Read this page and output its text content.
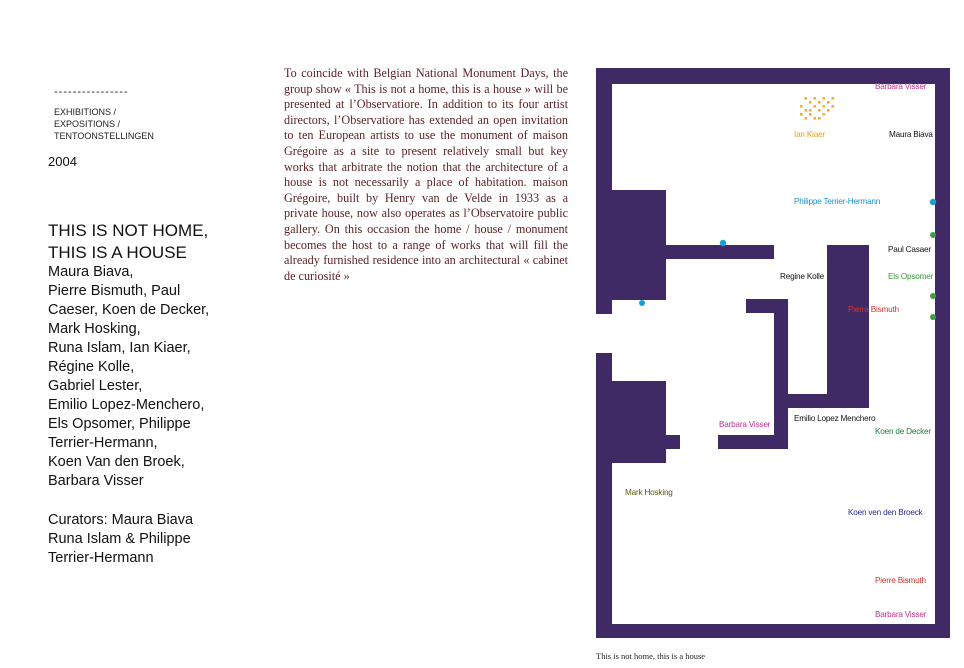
----------------
EXHIBITIONS /
EXPOSITIONS /
TENTOONSTELLINGEN
2004
THIS IS NOT HOME,
THIS IS A HOUSE
Maura Biava,
Pierre Bismuth, Paul
Caeser, Koen de Decker,
Mark Hosking,
Runa Islam, Ian Kiaer,
Régine Kolle,
Gabriel Lester,
Emilio Lopez-Menchero,
Els Opsomer, Philippe
Terrier-Hermann,
Koen Van den Broek,
Barbara Visser
Curators: Maura Biava
Runa Islam & Philippe
Terrier-Hermann
To coincide with Belgian National Monument Days, the group show « This is not a home, this is a house » will be presented at l’Observatiore. In addition to its four artist directors, l’Observatiore has extended an open invitation to ten European artists to use the monument of maison Grégoire as a site to present relatively small but key works that arbitrate the notion that the architecture of a house is not necessarily a place of habitation. maison Grégoire, built by Henry van de Velde in 1933 as a private house, now also operates as l’Observatoire public gallery. On this occasion the home / house / monument becomes the host to a range of works that will fill the already furnished residence into an architectural « cabinet de curiosité »
Barbara Visser
Ian Kiaer	Maura Biava
Philippe Terrier-Hermann
Paul Casaer
Els Opsomer
Regine Kolle
Pierre Bismuth
Emilio Lopez Menchero
Barbara Visser
Koen de Decker
Mark Hosking
Koen ven den Broeck
Pierre Bismuth
Barbara Visser
This is not home, this is a house
